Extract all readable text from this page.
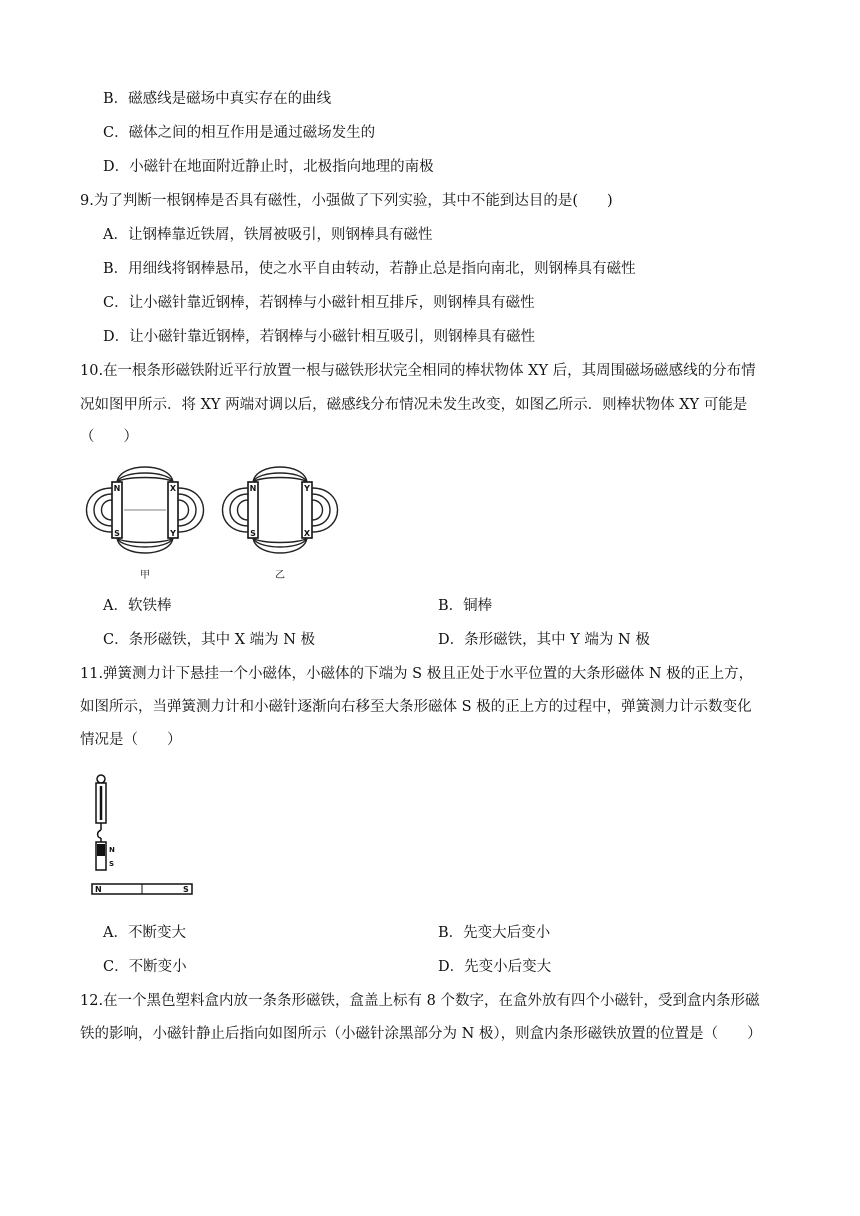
B．磁感线是磁场中真实存在的曲线
C．磁体之间的相互作用是通过磁场发生的
D．小磁针在地面附近静止时，北极指向地理的南极
9.为了判断一根钢棒是否具有磁性，小强做了下列实验，其中不能到达目的是(　　)
A．让钢棒靠近铁屑，铁屑被吸引，则钢棒具有磁性
B．用细线将钢棒悬吊，使之水平自由转动，若静止总是指向南北，则钢棒具有磁性
C．让小磁针靠近钢棒，若钢棒与小磁针相互排斥，则钢棒具有磁性
D．让小磁针靠近钢棒，若钢棒与小磁针相互吸引，则钢棒具有磁性
10.在一根条形磁铁附近平行放置一根与磁铁形状完全相同的棒状物体 XY 后，其周围磁场磁感线的分布情
况如图甲所示．将 XY 两端对调以后，磁感线分布情况未发生改变，如图乙所示．则棒状物体 XY 可能是
（　　）
N
S
X
Y
N
S
Y
X
甲	乙
A．软铁棒	B．铜棒
C．条形磁铁，其中 X 端为 N 极	D．条形磁铁，其中 Y 端为 N 极
11.弹簧测力计下悬挂一个小磁体，小磁体的下端为 S 极且正处于水平位置的大条形磁体 N 极的正上方，
如图所示，当弹簧测力计和小磁针逐渐向右移至大条形磁体 S 极的正上方的过程中，弹簧测力计示数变化
情况是（　　）
N
S
N	S
A．不断变大	B．先变大后变小
C．不断变小	D．先变小后变大
12.在一个黑色塑料盒内放一条条形磁铁，盒盖上标有 8 个数字，在盒外放有四个小磁针，受到盒内条形磁
铁的影响，小磁针静止后指向如图所示（小磁针涂黑部分为 N 极），则盒内条形磁铁放置的位置是（　　）
